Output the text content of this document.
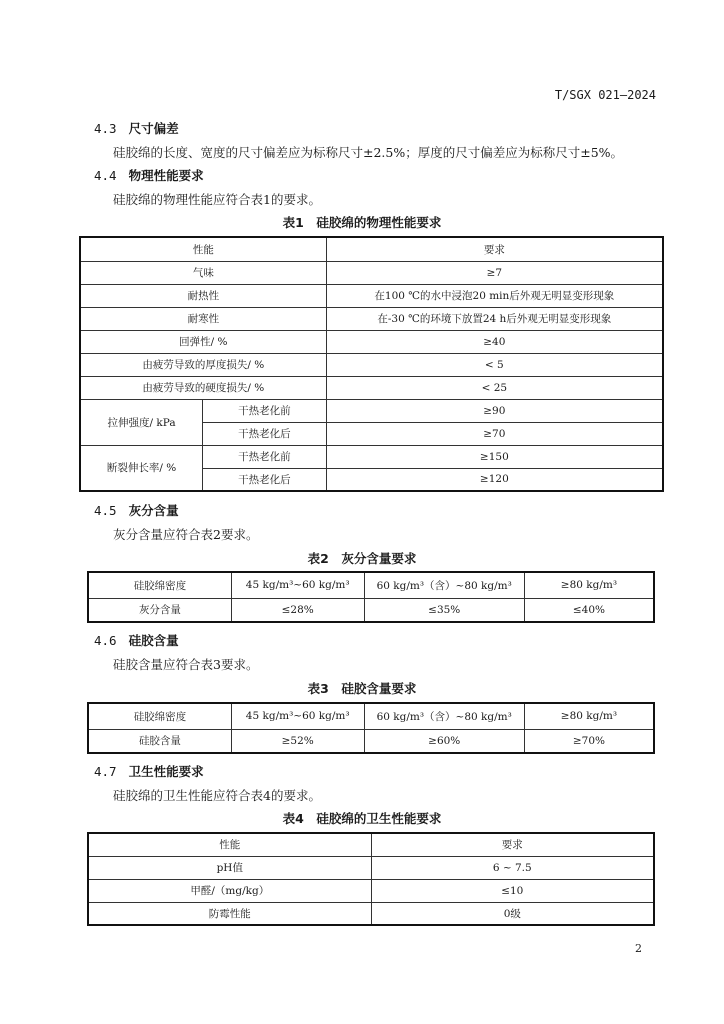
T/SGX 021—2024
4.3 尺寸偏差
硅胶绵的长度、宽度的尺寸偏差应为标称尺寸±2.5%；厚度的尺寸偏差应为标称尺寸±5%。
4.4 物理性能要求
硅胶绵的物理性能应符合表1的要求。
表1　硅胶绵的物理性能要求
性能		要求
气味		≥7
耐热性		在100 ℃的水中浸泡20 min后外观无明显变形现象
耐寒性		在-30 ℃的环境下放置24 h后外观无明显变形现象
回弹性/ %		≥40
由疲劳导致的厚度损失/ %		< 5
由疲劳导致的硬度损失/ %		< 25
拉伸强度/ kPa	干热老化前	≥90
	干热老化后	≥70
断裂伸长率/ %	干热老化前	≥150
	干热老化后	≥120
4.5 灰分含量
灰分含量应符合表2要求。
表2　灰分含量要求
硅胶绵密度	45 kg/m³~60 kg/m³	60 kg/m³（含）~80 kg/m³	≥80 kg/m³
灰分含量	≤28%	≤35%	≤40%
4.6 硅胶含量
硅胶含量应符合表3要求。
表3　硅胶含量要求
硅胶绵密度	45 kg/m³~60 kg/m³	60 kg/m³（含）~80 kg/m³	≥80 kg/m³
硅胶含量	≥52%	≥60%	≥70%
4.7 卫生性能要求
硅胶绵的卫生性能应符合表4的要求。
表4　硅胶绵的卫生性能要求
性能	要求
pH值	6 ~ 7.5
甲醛/（mg/kg）	≤10
防霉性能	0级
2
